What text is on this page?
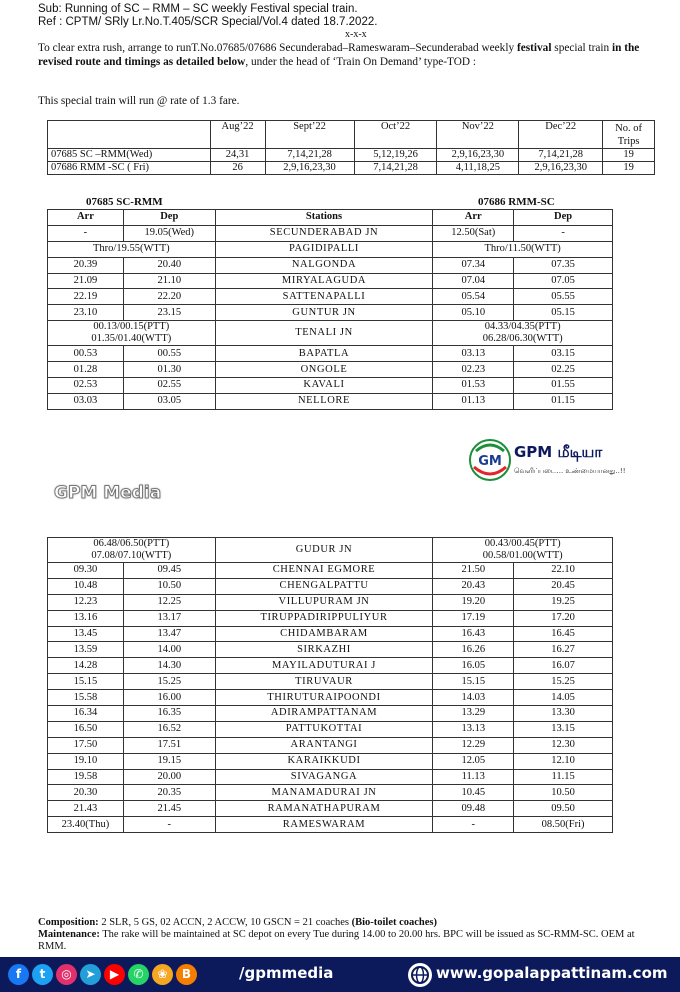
Sub: Running of SC – RMM – SC weekly Festival special train.
Ref : CPTM/ SRly Lr.No.T.405/SCR Special/Vol.4 dated 18.7.2022.
x-x-x
To clear extra rush, arrange to runT.No.07685/07686 Secunderabad–Rameswaram–Secunderabad weekly festival special train in the revised route and timings as detailed below, under the head of ‘Train On Demand’ type-TOD :
This special train will run @ rate of 1.3 fare.
	Aug’22	Sept’22	Oct’22	Nov’22	Dec’22	No. of
Trips
07685 SC –RMM(Wed)	24,31	7,14,21,28	5,12,19,26	2,9,16,23,30	7,14,21,28	19
07686 RMM -SC ( Fri)	26	2,9,16,23,30	7,14,21,28	4,11,18,25	2,9,16,23,30	19
07685 SC-RMM	07686 RMM-SC
Arr	Dep	Stations	Arr	Dep
-	19.05(Wed)	SECUNDERABAD JN	12.50(Sat)	-
Thro/19.55(WTT)		PAGIDIPALLI	Thro/11.50(WTT)	
20.39	20.40	NALGONDA	07.34	07.35
21.09	21.10	MIRYALAGUDA	07.04	07.05
22.19	22.20	SATTENAPALLI	05.54	05.55
23.10	23.15	GUNTUR JN	05.10	05.15
00.13/00.15(PTT)
01.35/01.40(WTT)		TENALI JN	04.33/04.35(PTT)
06.28/06.30(WTT)	
00.53	00.55	BAPATLA	03.13	03.15
01.28	01.30	ONGOLE	02.23	02.25
02.53	02.55	KAVALI	01.53	01.55
03.03	03.05	NELLORE	01.13	01.15
GPM Media
GM
GPM மீடியா
வெளிப்படை... உண்மையானது..!!
06.48/06.50(PTT)
07.08/07.10(WTT)		GUDUR JN	00.43/00.45(PTT)
00.58/01.00(WTT)	
09.30	09.45	CHENNAI EGMORE	21.50	22.10
10.48	10.50	CHENGALPATTU	20.43	20.45
12.23	12.25	VILLUPURAM JN	19.20	19.25
13.16	13.17	TIRUPPADIRIPPULIYUR	17.19	17.20
13.45	13.47	CHIDAMBARAM	16.43	16.45
13.59	14.00	SIRKAZHI	16.26	16.27
14.28	14.30	MAYILADUTURAI J	16.05	16.07
15.15	15.25	TIRUVAUR	15.15	15.25
15.58	16.00	THIRUTURAIPOONDI	14.03	14.05
16.34	16.35	ADIRAMPATTANAM	13.29	13.30
16.50	16.52	PATTUKOTTAI	13.13	13.15
17.50	17.51	ARANTANGI	12.29	12.30
19.10	19.15	KARAIKKUDI	12.05	12.10
19.58	20.00	SIVAGANGA	11.13	11.15
20.30	20.35	MANAMADURAI JN	10.45	10.50
21.43	21.45	RAMANATHAPURAM	09.48	09.50
23.40(Thu)	-	RAMESWARAM	-	08.50(Fri)
Composition: 2 SLR, 5 GS, 02 ACCN, 2 ACCW, 10 GSCN = 21 coaches (Bio-toilet coaches)
Maintenance: The rake will be maintained at SC depot on every Tue during 14.00 to 20.00 hrs. BPC will be issued as SC-RMM-SC. OEM at RMM.
f t ◎ ➤ ▶ ✆ ❀ B	/gpmmedia	www.gopalappattinam.com
